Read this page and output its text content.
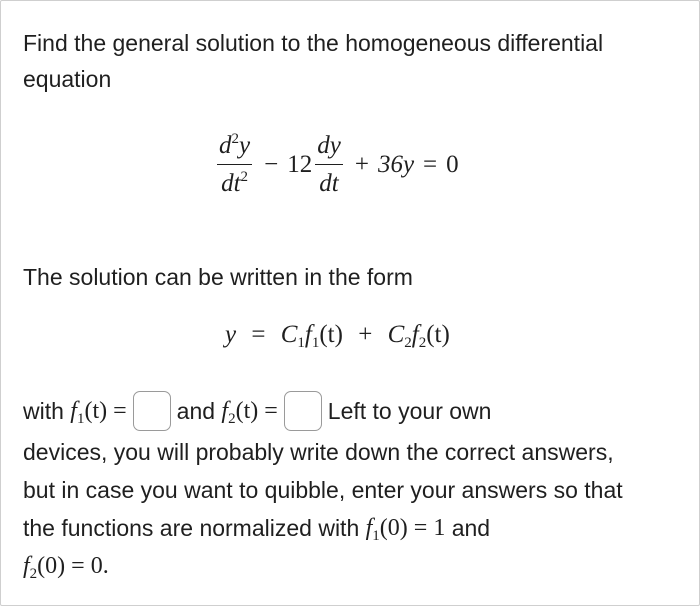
Find the general solution to the homogeneous differential equation

$\frac{d^2y}{dt^2} - 12 \frac{dy}{dt} + 36y = 0$

The solution can be written in the form

$y = C_1f_1(t) + C_2f_2(t)$
with
$f_1(t)$ = and
$f_2(t)$ = Left to your own
devices, you will probably write down the correct answers,
but in case you want to quibble, enter your answers so that
the functions are normalized with
$f_1(0) = 1$
and
$f_2(0) = 0$.
